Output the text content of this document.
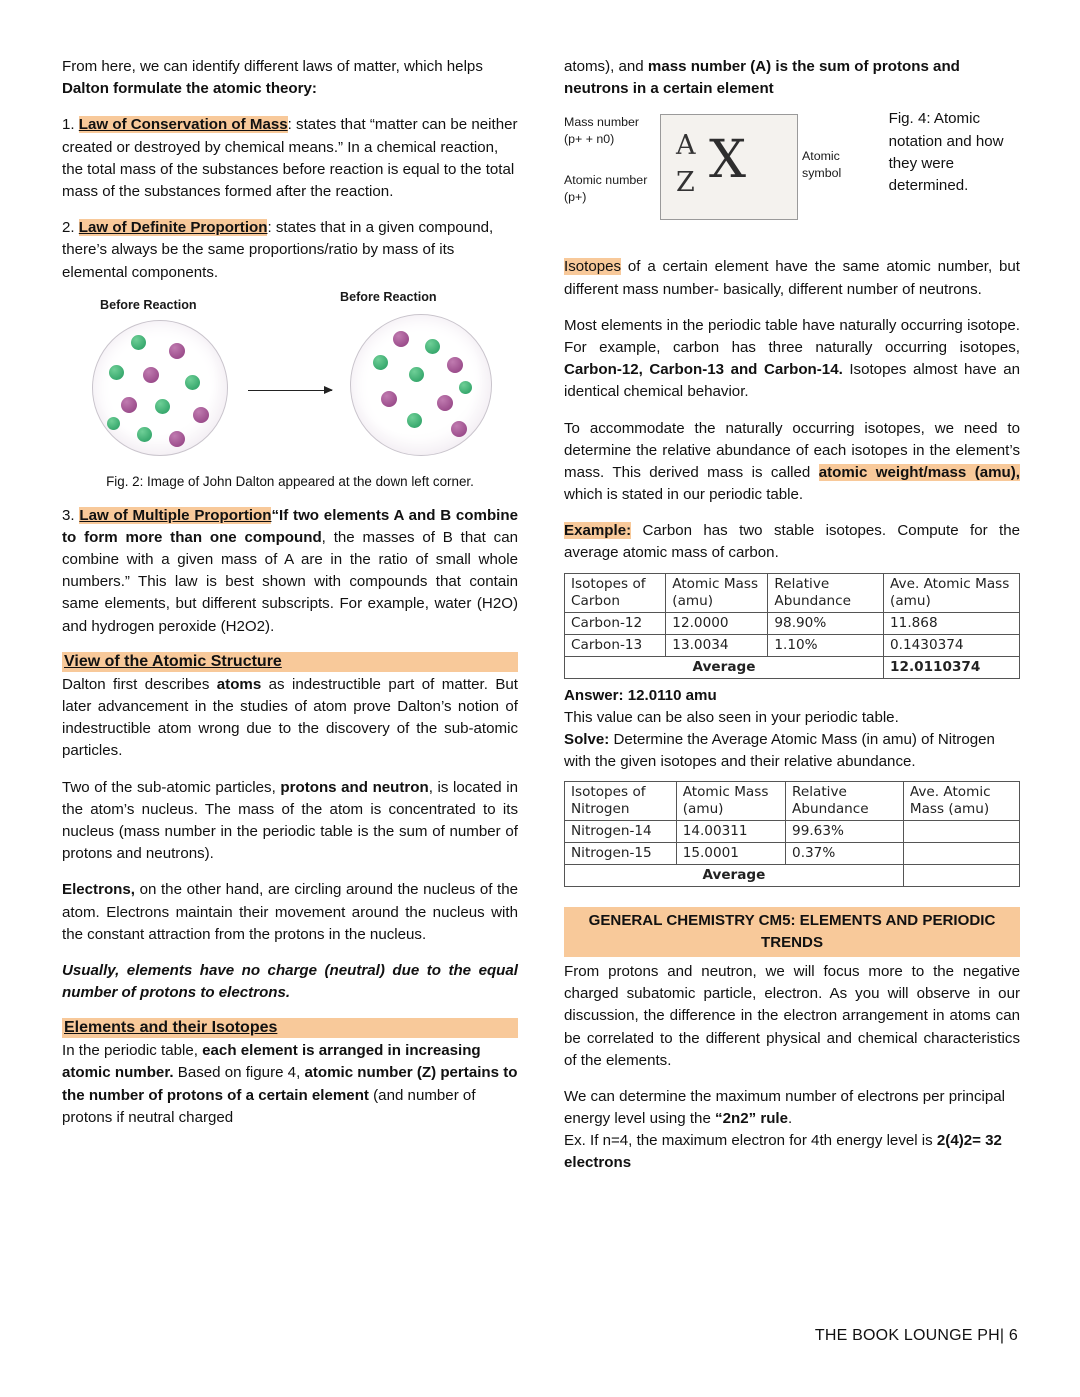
From here, we can identify different laws of matter, which helps Dalton formulate the atomic theory:

1. Law of Conservation of Mass: states that “matter can be neither created or destroyed by chemical means.” In a chemical reaction, the total mass of the substances before reaction is equal to the total mass of the substances formed after the reaction.

2. Law of Definite Proportion: states that in a given compound, there’s always be the same proportions/ratio by mass of its elemental components.

Before Reaction
Before Reaction
Fig. 2: Image of John Dalton appeared at the down left corner.

3. Law of Multiple Proportion“If two elements A and B combine to form more than one compound, the masses of B that can combine with a given mass of A are in the ratio of small whole numbers.” This law is best shown with compounds that contain same elements, but different subscripts. For example, water (H2O) and hydrogen peroxide (H2O2).

View of the Atomic Structure

Dalton first describes atoms as indestructible part of matter. But later advancement in the studies of atom prove Dalton’s notion of indestructible atom wrong due to the discovery of the sub-atomic particles.

Two of the sub-atomic particles, protons and neutron, is located in the atom’s nucleus. The mass of the atom is concentrated to its nucleus (mass number in the periodic table is the sum of number of protons and neutrons).

Electrons, on the other hand, are circling around the nucleus of the atom. Electrons maintain their movement around the nucleus with the constant attraction from the protons in the nucleus.

Usually, elements have no charge (neutral) due to the equal number of protons to electrons.

Elements and their Isotopes

In the periodic table, each element is arranged in increasing atomic number. Based on figure 4, atomic number (Z) pertains to the number of protons of a certain element (and number of protons if neutral charged

atoms), and mass number (A) is the sum of protons and neutrons in a certain element

Mass number
(p+ + n0)
Atomic number
(p+)
A
Z X	Atomic symbol
Fig. 4: Atomic notation and how they were determined.

Isotopes of a certain element have the same atomic number, but different mass number- basically, different number of neutrons.

Most elements in the periodic table have naturally occurring isotope. For example, carbon has three naturally occurring isotopes, Carbon-12, Carbon-13 and Carbon-14. Isotopes almost have an identical chemical behavior.

To accommodate the naturally occurring isotopes, we need to determine the relative abundance of each isotopes in the element’s mass. This derived mass is called atomic weight/mass (amu), which is stated in our periodic table.

Example: Carbon has two stable isotopes. Compute for the average atomic mass of carbon.

Isotopes of Carbon	Atomic Mass (amu)	Relative Abundance	Ave. Atomic Mass (amu)
Carbon-12	12.0000	98.90%	11.868
Carbon-13	13.0034	1.10%	0.1430374
Average			12.0110374

Answer: 12.0110 amu

This value can be also seen in your periodic table.

Solve: Determine the Average Atomic Mass (in amu) of Nitrogen with the given isotopes and their relative abundance.

Isotopes of Nitrogen	Atomic Mass (amu)	Relative Abundance	Ave. Atomic Mass (amu)
Nitrogen-14	14.00311	99.63%	
Nitrogen-15	15.0001	0.37%	
Average			
GENERAL CHEMISTRY CM5: ELEMENTS AND PERIODIC TRENDS

From protons and neutron, we will focus more to the negative charged subatomic particle, electron. As you will observe in our discussion, the difference in the electron arrangement in atoms can be correlated to the different physical and chemical characteristics of the elements.

We can determine the maximum number of electrons per principal energy level using the “2n2” rule.

Ex. If n=4, the maximum electron for 4th energy level is 2(4)2= 32 electrons

THE BOOK LOUNGE PH| 6
